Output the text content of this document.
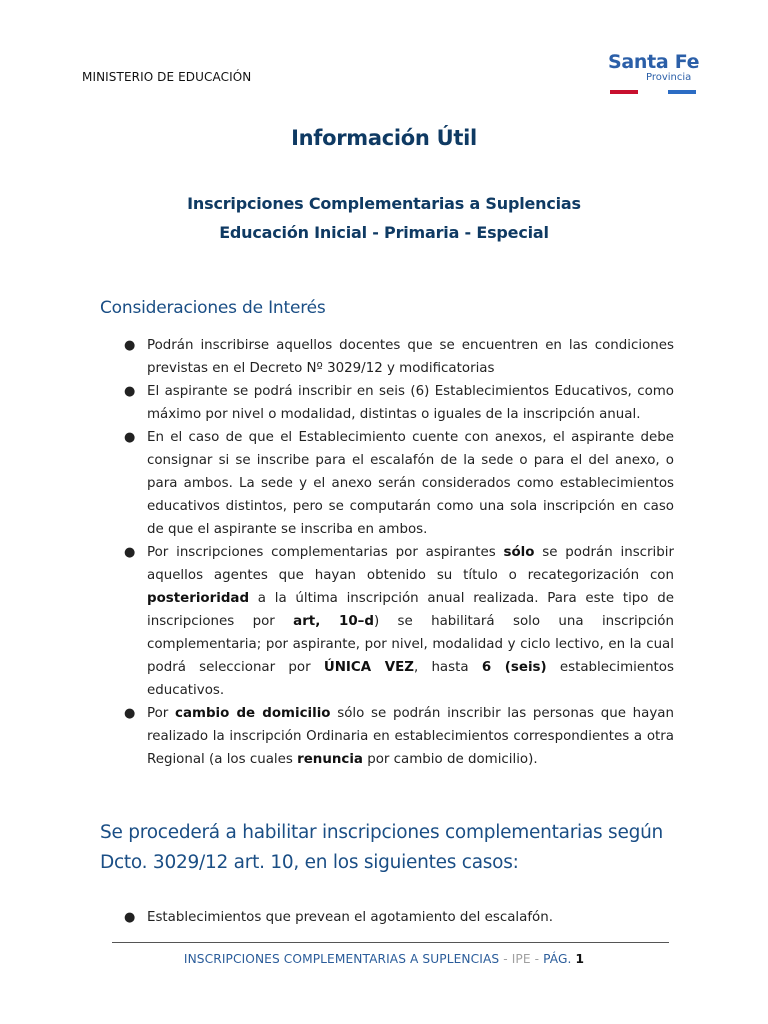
MINISTERIO DE EDUCACIÓN
Santa Fe
Provincia
Información Útil
Inscripciones Complementarias a Suplencias
Educación Inicial - Primaria - Especial
Consideraciones de Interés
● Podrán inscribirse aquellos docentes que se encuentren en las condiciones previstas en el Decreto Nº 3029/12 y modificatorias
● El aspirante se podrá inscribir en seis (6) Establecimientos Educativos, como máximo por nivel o modalidad, distintas o iguales de la inscripción anual.
● En el caso de que el Establecimiento cuente con anexos, el aspirante debe consignar si se inscribe para el escalafón de la sede o para el del anexo, o para ambos. La sede y el anexo serán considerados como establecimientos educativos distintos, pero se computarán como una sola inscripción en caso de que el aspirante se inscriba en ambos.
● Por inscripciones complementarias por aspirantes sólo se podrán inscribir aquellos agentes que hayan obtenido su título o recategorización con posterioridad a la última inscripción anual realizada. Para este tipo de inscripciones por art, 10–d) se habilitará solo una inscripción complementaria; por aspirante, por nivel, modalidad y ciclo lectivo, en la cual podrá seleccionar por ÚNICA VEZ, hasta 6 (seis) establecimientos educativos.
● Por cambio de domicilio sólo se podrán inscribir las personas que hayan realizado la inscripción Ordinaria en establecimientos correspondientes a otra Regional (a los cuales renuncia por cambio de domicilio).
Se procederá a habilitar inscripciones complementarias según Dcto. 3029/12 art. 10, en los siguientes casos:
● Establecimientos que prevean el agotamiento del escalafón.
INSCRIPCIONES COMPLEMENTARIAS A SUPLENCIAS - IPE - PÁG. 1
